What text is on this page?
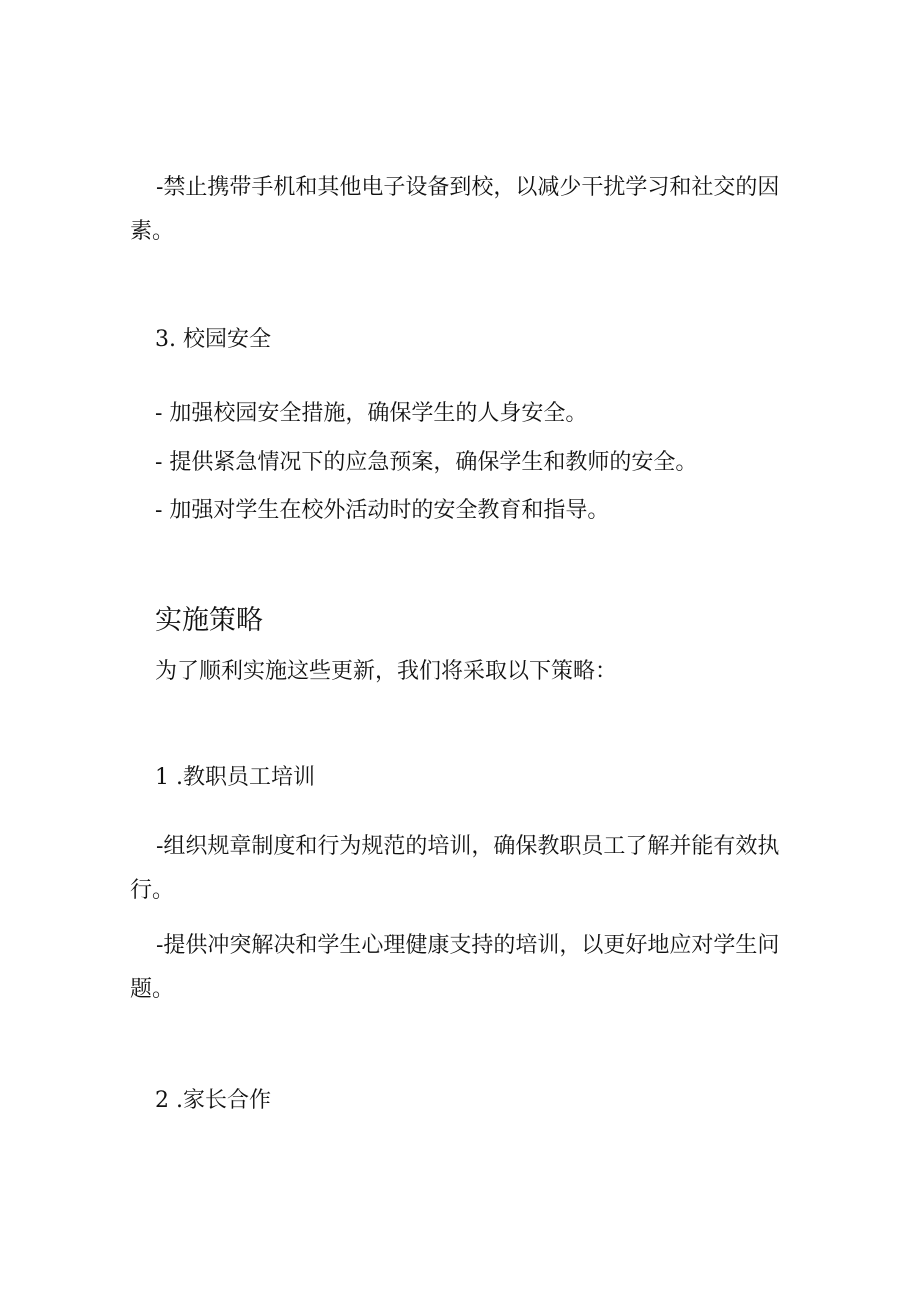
-禁止携带手机和其他电子设备到校，以减少干扰学习和社交的因素。

3. 校园安全

- 加强校园安全措施，确保学生的人身安全。

- 提供紧急情况下的应急预案，确保学生和教师的安全。

- 加强对学生在校外活动时的安全教育和指导。

实施策略

为了顺利实施这些更新，我们将采取以下策略：

1 .教职员工培训

-组织规章制度和行为规范的培训，确保教职员工了解并能有效执行。

-提供冲突解决和学生心理健康支持的培训，以更好地应对学生问题。

2 .家长合作
